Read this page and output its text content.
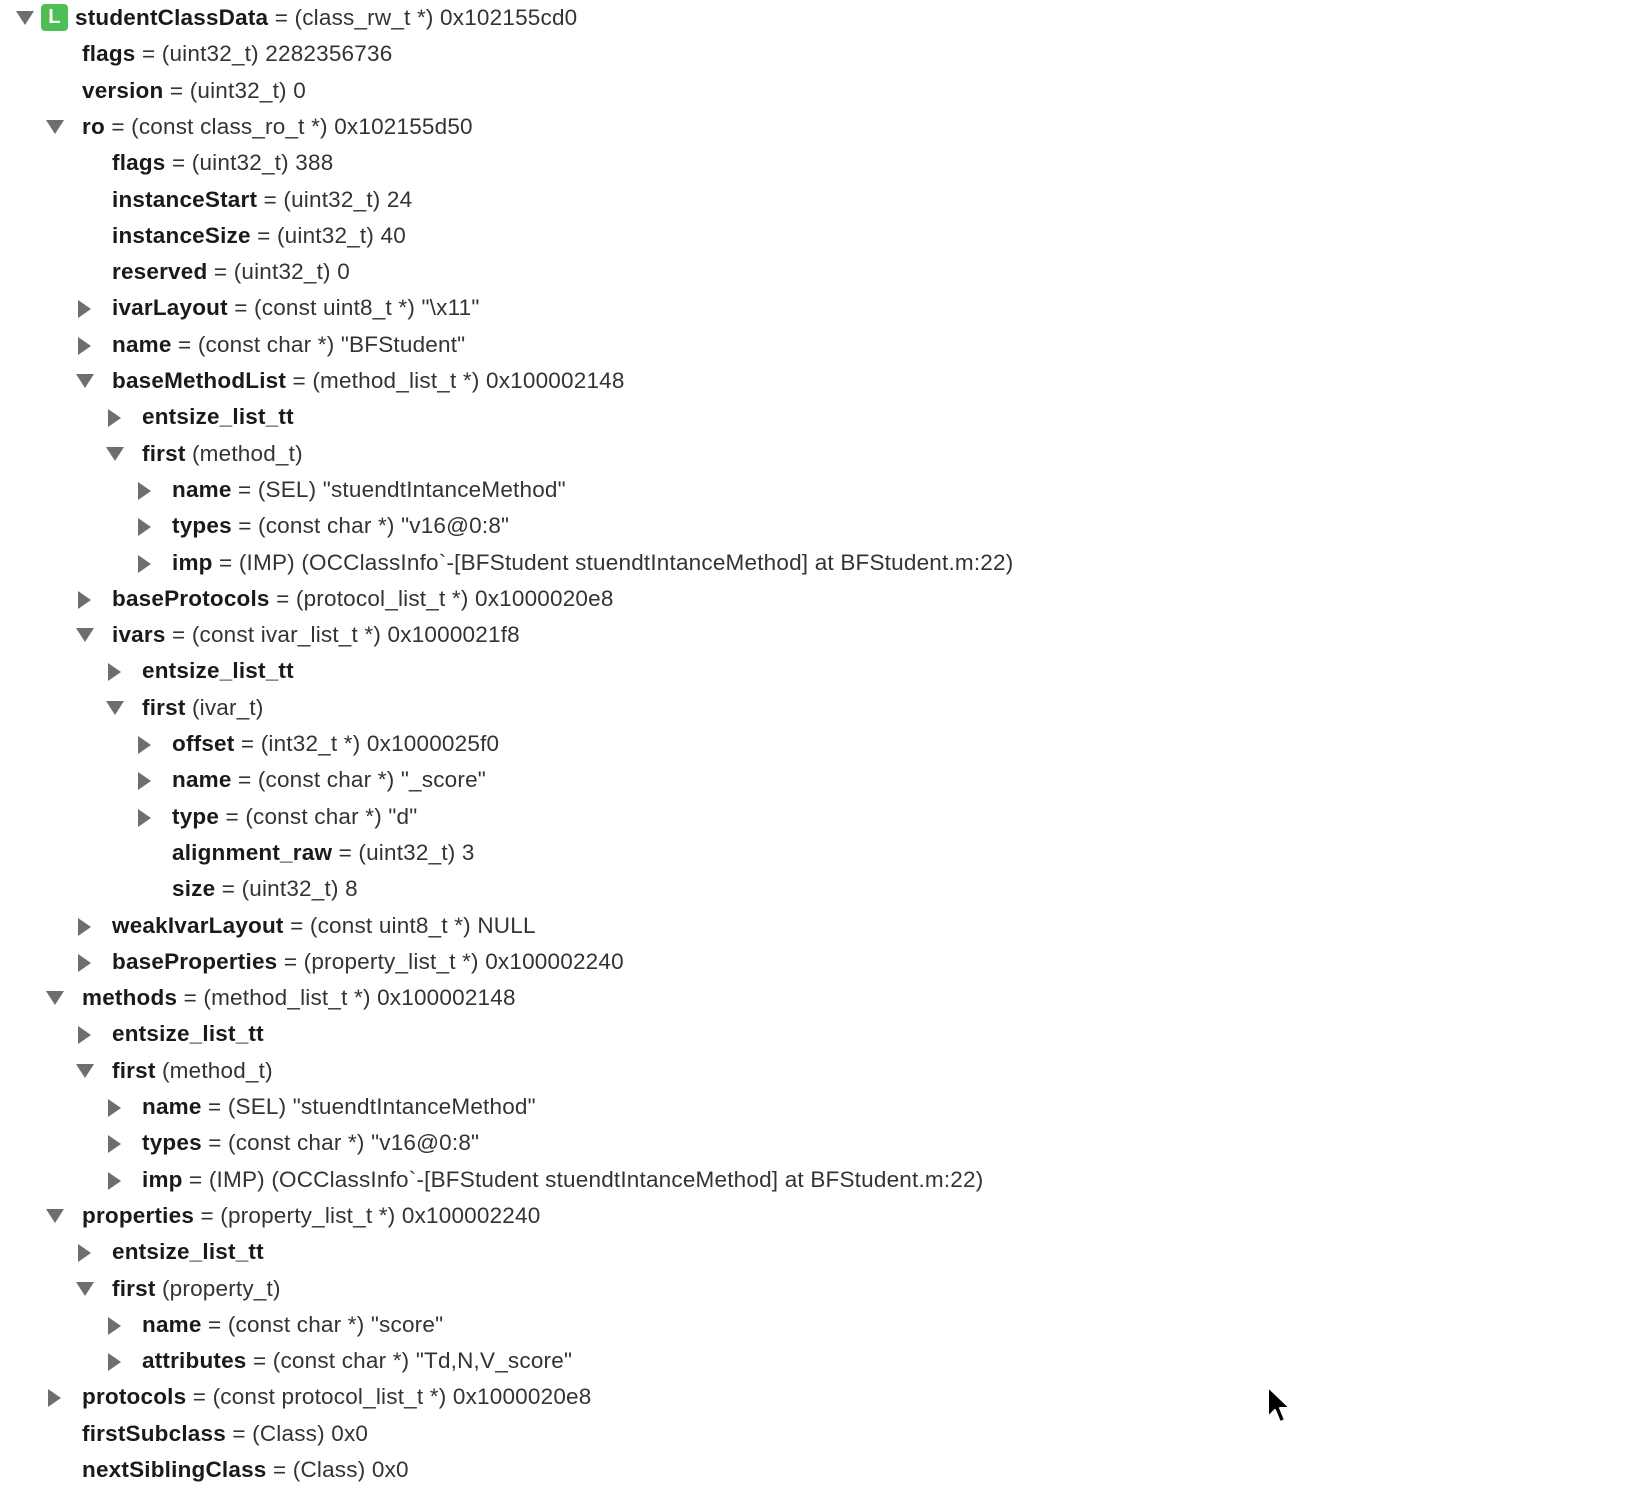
L studentClassData = (class_rw_t *) 0x102155cd0
flags = (uint32_t) 2282356736
version = (uint32_t) 0
ro = (const class_ro_t *) 0x102155d50
flags = (uint32_t) 388
instanceStart = (uint32_t) 24
instanceSize = (uint32_t) 40
reserved = (uint32_t) 0
ivarLayout = (const uint8_t *) "\x11"
name = (const char *) "BFStudent"
baseMethodList = (method_list_t *) 0x100002148
entsize_list_tt
first (method_t)
name = (SEL) "stuendtIntanceMethod"
types = (const char *) "v16@0:8"
imp = (IMP) (OCClassInfo`-[BFStudent stuendtIntanceMethod] at BFStudent.m:22)
baseProtocols = (protocol_list_t *) 0x1000020e8
ivars = (const ivar_list_t *) 0x1000021f8
entsize_list_tt
first (ivar_t)
offset = (int32_t *) 0x1000025f0
name = (const char *) "_score"
type = (const char *) "d"
alignment_raw = (uint32_t) 3
size = (uint32_t) 8
weakIvarLayout = (const uint8_t *) NULL
baseProperties = (property_list_t *) 0x100002240
methods = (method_list_t *) 0x100002148
entsize_list_tt
first (method_t)
name = (SEL) "stuendtIntanceMethod"
types = (const char *) "v16@0:8"
imp = (IMP) (OCClassInfo`-[BFStudent stuendtIntanceMethod] at BFStudent.m:22)
properties = (property_list_t *) 0x100002240
entsize_list_tt
first (property_t)
name = (const char *) "score"
attributes = (const char *) "Td,N,V_score"
protocols = (const protocol_list_t *) 0x1000020e8
firstSubclass = (Class) 0x0
nextSiblingClass = (Class) 0x0
